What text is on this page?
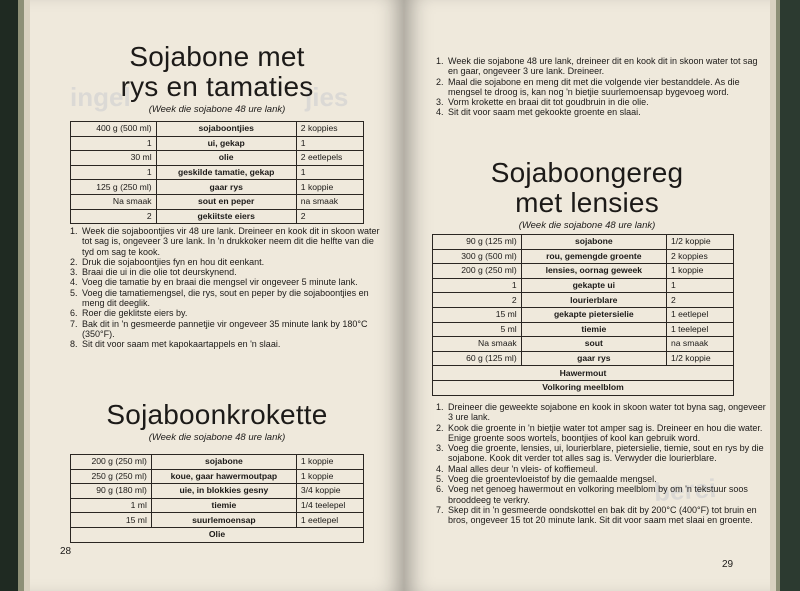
ingel	jies
Sojabone met
rys en tamaties
(Week die sojabone 48 ure lank)
400 g (500 ml)	sojaboontjies	2 koppies
1	ui, gekap	1
30 ml	olie	2 eetlepels
1	geskilde tamatie, gekap	1
125 g (250 ml)	gaar rys	1 koppie
Na smaak	sout en peper	na smaak
2	gekiitste eiers	2
1. Week die sojaboontjies vir 48 ure lank. Dreineer en kook dit in skoon water tot sag is, ongeveer 3 ure lank. In 'n drukkoker neem dit die helfte van die tyd om sag te kook.
2. Druk die sojaboontjies fyn en hou dit eenkant.
3. Braai die ui in die olie tot deurskynend.
4. Voeg die tamatie by en braai die mengsel vir ongeveer 5 minute lank.
5. Voeg die tamatiemengsel, die rys, sout en peper by die sojaboontjies en meng dit deeglik.
6. Roer die geklitste eiers by.
7. Bak dit in 'n gesmeerde pannetjie vir ongeveer 35 minute lank by 180°C (350°F).
8. Sit dit voor saam met kapokaartappels en 'n slaai.
Sojaboonkrokette
(Week die sojabone 48 ure lank)
200 g (250 ml)	sojabone	1 koppie
250 g (250 ml)	koue, gaar hawermoutpap	1 koppie
90 g (180 ml)	uie, in blokkies gesny	3/4 koppie
1 ml	tiemie	1/4 teelepel
15 ml	suurlemoensap	1 eetlepel
Olie		
28
berei
1. Week die sojabone 48 ure lank, dreineer dit en kook dit in skoon water tot sag en gaar, ongeveer 3 ure lank. Dreineer.
2. Maal die sojabone en meng dit met die volgende vier bestanddele. As die mengsel te droog is, kan nog 'n bietjie suurlemoensap bygevoeg word.
3. Vorm krokette en braai dit tot goudbruin in die olie.
4. Sit dit voor saam met gekookte groente en slaai.
Sojaboongereg
met lensies
(Week die sojabone 48 ure lank)
90 g (125 ml)	sojabone	1/2 koppie
300 g (500 ml)	rou, gemengde groente	2 koppies
200 g (250 ml)	lensies, oornag geweek	1 koppie
1	gekapte ui	1
2	lourierblare	2
15 ml	gekapte pietersielie	1 eetlepel
5 ml	tiemie	1 teelepel
Na smaak	sout	na smaak
60 g (125 ml)	gaar rys	1/2 koppie
Hawermout		
Volkoring meelblom		
1. Dreineer die geweekte sojabone en kook in skoon water tot byna sag, ongeveer 3 ure lank.
2. Kook die groente in 'n bietjie water tot amper sag is. Dreineer en hou die water. Enige groente soos wortels, boontjies of kool kan gebruik word.
3. Voeg die groente, lensies, ui, lourierblare, pietersielie, tiemie, sout en rys by die sojabone. Kook dit verder tot alles sag is. Verwyder die lourierblare.
4. Maal alles deur 'n vleis- of koffiemeul.
5. Voeg die groentevloeistof by die gemaalde mengsel.
6. Voeg net genoeg hawermout en volkoring meelblom by om 'n tekstuur soos brooddeeg te verkry.
7. Skep dit in 'n gesmeerde oondskottel en bak dit by 200°C (400°F) tot bruin en bros, ongeveer 15 tot 20 minute lank. Sit dit voor saam met slaai en groente.
29
